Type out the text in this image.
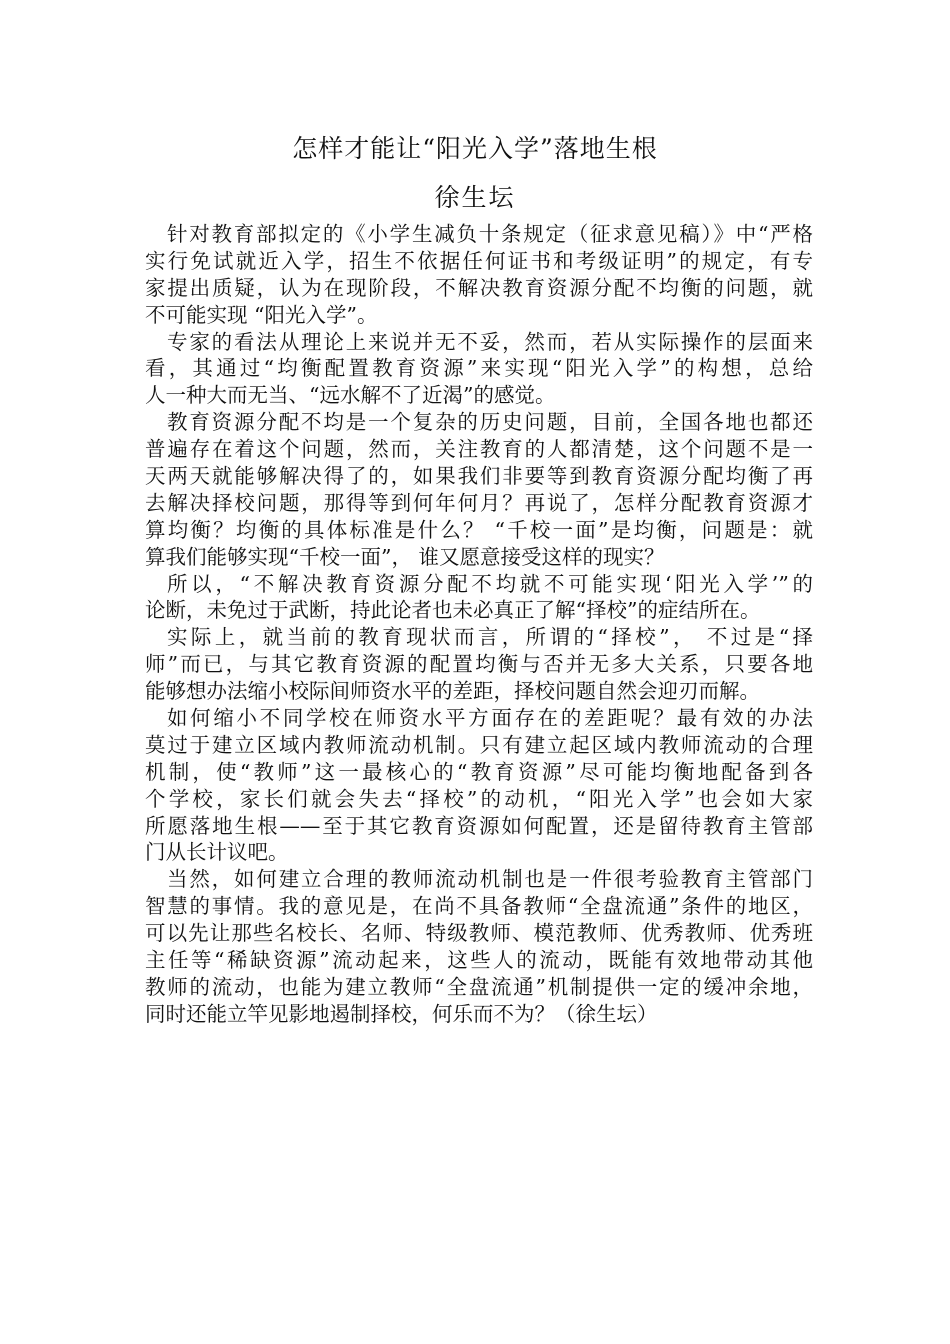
怎样才能让“阳光入学”落地生根
徐生坛
针对教育部拟定的《小学生减负十条规定（征求意见稿）》中“严格
实行免试就近入学，招生不依据任何证书和考级证明”的规定，有专
家提出质疑，认为在现阶段，不解决教育资源分配不均衡的问题，就
不可能实现 “阳光入学”。
专家的看法从理论上来说并无不妥，然而，若从实际操作的层面来
看，其通过“均衡配置教育资源”来实现“阳光入学”的构想，总给
人一种大而无当、“远水解不了近渴”的感觉。
教育资源分配不均是一个复杂的历史问题，目前，全国各地也都还
普遍存在着这个问题，然而，关注教育的人都清楚，这个问题不是一
天两天就能够解决得了的，如果我们非要等到教育资源分配均衡了再
去解决择校问题，那得等到何年何月？再说了，怎样分配教育资源才
算均衡？均衡的具体标准是什么？ “千校一面”是均衡，问题是：就
算我们能够实现“千校一面”， 谁又愿意接受这样的现实？
所以，“不解决教育资源分配不均就不可能实现‘阳光入学’”的
论断，未免过于武断，持此论者也未必真正了解“择校”的症结所在。
实际上，就当前的教育现状而言，所谓的“择校”， 不过是“择
师”而已，与其它教育资源的配置均衡与否并无多大关系，只要各地
能够想办法缩小校际间师资水平的差距，择校问题自然会迎刃而解。
如何缩小不同学校在师资水平方面存在的差距呢？最有效的办法
莫过于建立区域内教师流动机制。只有建立起区域内教师流动的合理
机制，使“教师”这一最核心的“教育资源”尽可能均衡地配备到各
个学校，家长们就会失去“择校”的动机，“阳光入学”也会如大家
所愿落地生根——至于其它教育资源如何配置，还是留待教育主管部
门从长计议吧。
当然，如何建立合理的教师流动机制也是一件很考验教育主管部门
智慧的事情。我的意见是，在尚不具备教师“全盘流通”条件的地区，
可以先让那些名校长、名师、特级教师、模范教师、优秀教师、优秀班
主任等“稀缺资源”流动起来，这些人的流动，既能有效地带动其他
教师的流动，也能为建立教师“全盘流通”机制提供一定的缓冲余地，
同时还能立竿见影地遏制择校，何乐而不为？（徐生坛）
